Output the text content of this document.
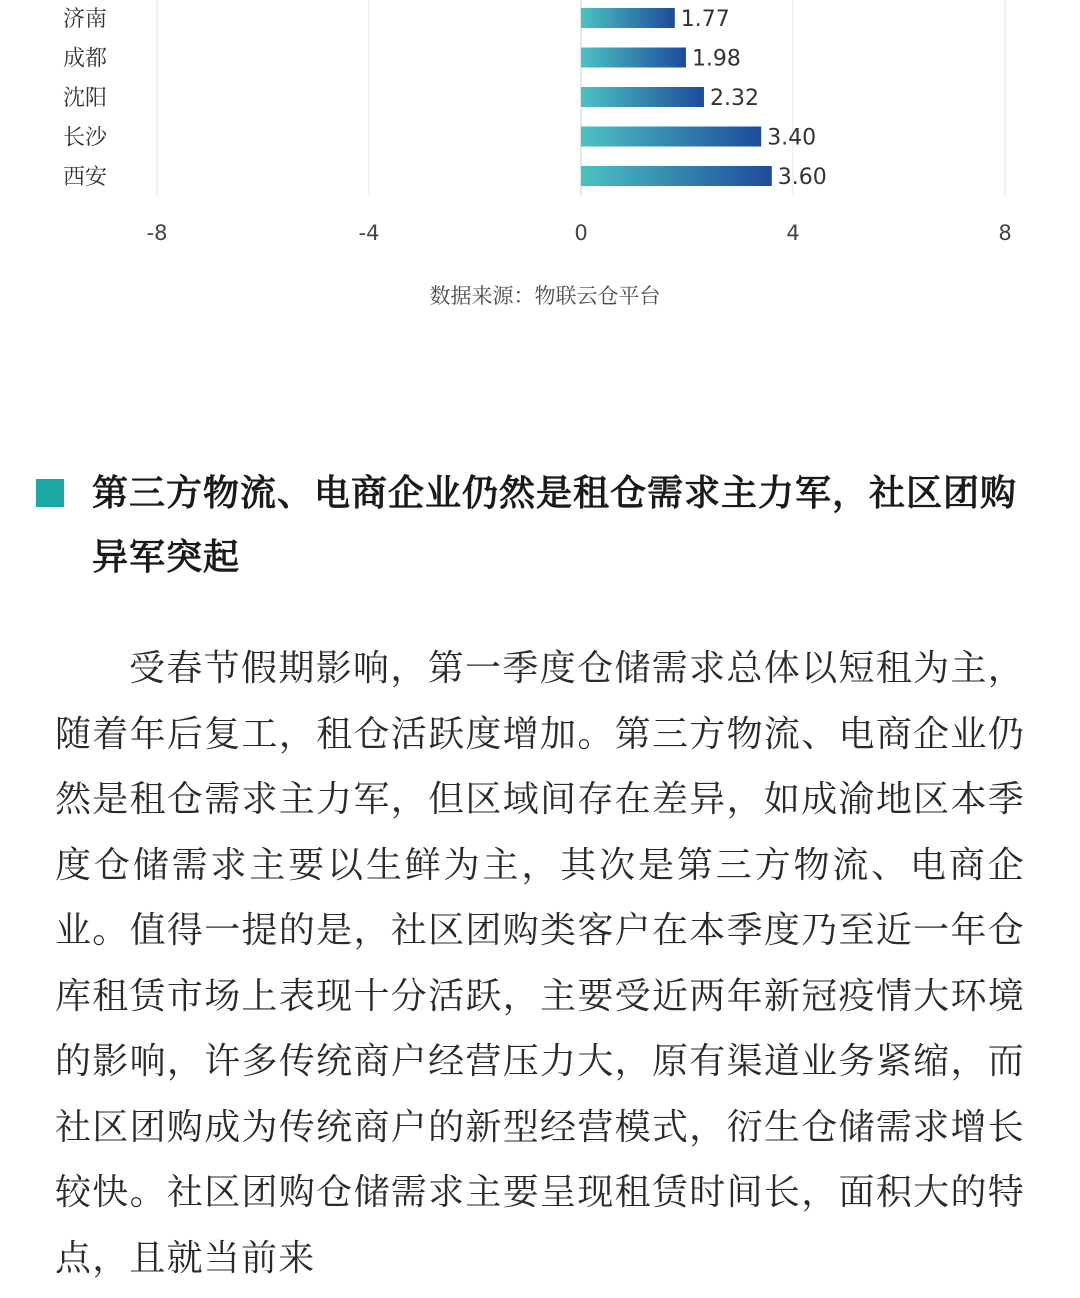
济南
成都
沈阳
长沙
西安
1.77
1.98
2.32
3.40
3.60
-8	-4	0	4	8
数据来源：物联云仓平台
第三方物流、电商企业仍然是租仓需求主力军，社区团购异军突起

受春节假期影响，第一季度仓储需求总体以短租为主，随着年后复工，租仓活跃度增加。第三方物流、电商企业仍然是租仓需求主力军，但区域间存在差异，如成渝地区本季度仓储需求主要以生鲜为主，其次是第三方物流、电商企业。值得一提的是，社区团购类客户在本季度乃至近一年仓库租赁市场上表现十分活跃，主要受近两年新冠疫情大环境的影响，许多传统商户经营压力大，原有渠道业务紧缩，而社区团购成为传统商户的新型经营模式，衍生仓储需求增长较快。社区团购仓储需求主要呈现租赁时间长，面积大的特点，且就当前来
